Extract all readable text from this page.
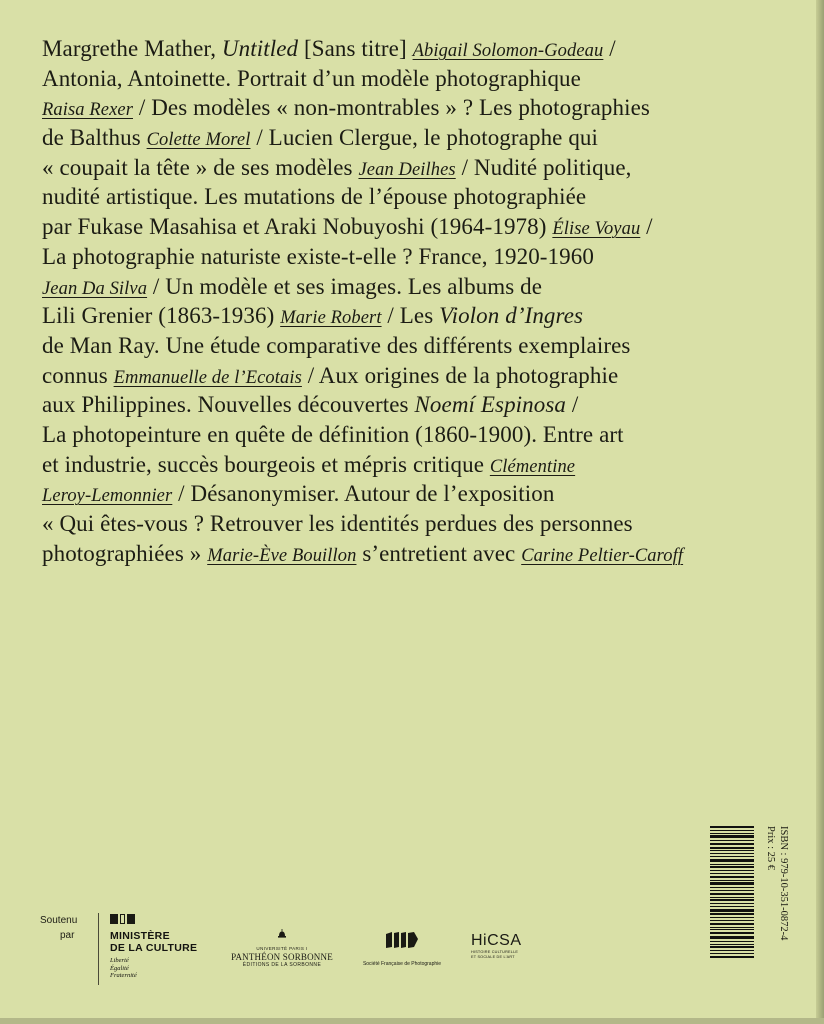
Margrethe Mather, Untitled [Sans titre] Abigail Solomon-Godeau /
Antonia, Antoinette. Portrait d’un modèle photographique
Raisa Rexer / Des modèles « non-montrables » ? Les photographies
de Balthus Colette Morel / Lucien Clergue, le photographe qui
« coupait la tête » de ses modèles Jean Deilhes / Nudité politique,
nudité artistique. Les mutations de l’épouse photographiée
par Fukase Masahisa et Araki Nobuyoshi (1964-1978) Élise Voyau /
La photographie naturiste existe-t-elle ? France, 1920-1960
Jean Da Silva / Un modèle et ses images. Les albums de
Lili Grenier (1863-1936) Marie Robert / Les Violon d’Ingres
de Man Ray. Une étude comparative des différents exemplaires
connus Emmanuelle de l’Ecotais / Aux origines de la photographie
aux Philippines. Nouvelles découvertes Noemí Espinosa /
La photopeinture en quête de définition (1860-1900). Entre art
et industrie, succès bourgeois et mépris critique Clémentine
Leroy-Lemonnier / Désanonymiser. Autour de l’exposition
« Qui êtes-vous ? Retrouver les identités perdues des personnes
photographiées » Marie-Ève Bouillon s’entretient avec Carine Peltier-Caroff
ISBN : 979-10-351-0872-4
Prix : 25 €
Soutenu
par	MINISTÈRE
DE LA CULTURE
Liberté
Égalité
Fraternité
UNIVERSITÉ PARIS I
PANTHÉON SORBONNE
ÉDITIONS DE LA SORBONNE	Société Française de Photographie
HiCSA
HISTOIRE CULTURELLE
ET SOCIALE DE L’ART
